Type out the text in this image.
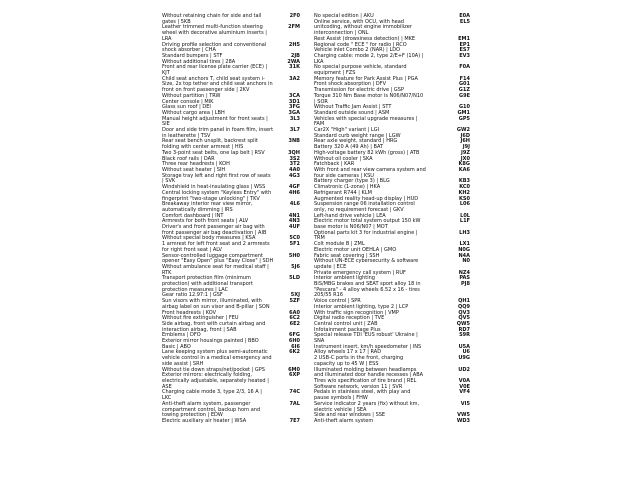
Without retaining chain for side and tail
gates | 5KB
2F0
Leather trimmed multi-function steering
wheel with decorative aluminium inserts |
LRA
2FM
Driving profile selection and conventional
shock absorber | CHA
2H5
Standard bumpers | STF	2JB
Without additional tires | 28A	2WA
Front and rear license plate carrier (ECE) |
KJT
31K
Child seat anchors T, child seat system i-
Size, 2x top tether and child seat anchors in
front on front passenger side | 2KV
3A2
Without partition | TRW	3CA
Center console | MIK	3D1
Glass sun roof | DEI	3FG
Without cargo area | LBH	3GA
Manual height adjustment for front seats |
SIE
3L3
Door and side trim panel in foam film, insert
in leatherette | TSV
3L7
Rear seat bench unsplit, backrest split
folding with center armrest | HIS
3NB
Two 3-point seat belts, one lap belt | RSV	3QH
Black roof rails | DAR	3S2
Three rear headrests | KOH	3T2
Without seat heater | SIH	4A0
Storage tray left and right first row of seats
| SVK
4G3
Windshield in heat-insulating glass | WSS	4GF
Central locking system "Keyless Entry" with
fingerprint "two-stage unlocking" | TKV
4H6
Breakaway interior rear view mirror,
automatically dimming | IRS
4L6
Comfort dashboard | INT	4N1
Armrests for both front seats | ALV	4N3
Driver's and front passenger air bag with
front passenger air bag deactivation | AIB
4UF
Without special body measures | KSA	5C0
1 armrest for left front seat and 2 armrests
for right front seat | ALV
5F1
Sensor-controlled luggage compartment
opener "Easy Open" plus "Easy Close" | SDH
5H0
Without ambulance seat for medical staff |
RTK
5J6
Transport protection film (minimum
protection) with additional transport
protection measures | LAC
5LD
Gear ratio 12.97:1 | GSF	5XJ
Sun visors with mirror, illuminated, with
airbag label on sun visor and B-pillar | SON
5ZF
Front headrests | KOV	6A0
Without fire extinguisher | FEU	6C2
Side airbag, front with curtain airbag and
interaction airbag, front | SAB
6E2
Emblems | DFO	6FG
Exterior mirror housings painted | BBO	6H0
Basic | ABO	6I6
Lane keeping system plus semi-automatic
vehicle control in a medical emergency and
side assist | SRH
6K2
Without tie down straps/net/pocket | GPS	6M0
Exterior mirrors: electrically folding,
electrically adjustable, separately heated |
ASE
6XP
Charging cable mode 3, type 2/3, 16 A |
LKC
74C
Anti-theft alarm system, passenger
compartment control, backup horn and
towing protection | EDW
7AL
Electric auxiliary air heater | WSA	7E7
No special edition | AKU	E0A
Online service, with OCU, with head
unitcoding, without engine immobilizer
interconnection | ONL
EL5
Rest Assist (drowsiness detection) | MKE	EM1
Regional code " ECE " for radio | RCO	EP1
Vehicle inlet Combo 2 (NAR) | LDO	ES7
Charging cable: mode 2, type 2/E+F (10A) |
LKA
EV3
No special purpose vehicle, standard
equipment | FZS
F0A
Memory feature for Park Assist Plus | PGA	F14
Front shock absorption | DFV	G01
Transmission for electric drive | GSP	G1Z
Torque 310 Nm Base motor is N06/N07/N10
| SOR
G9E
Without Traffic Jam Assist | STT	G10
Standard outside sound | ASM	GM1
Vehicles with special upgrade measures |
FAM
GP5
Car2X "High" variant | LGI	GW2
Standard curb weight range | LGW	J6D
Rear axle weight, standard | HRG	J6H
Battery 320 A (49 Ah) | BAT	J9J
High-voltage battery 82 kWh (gross) | ATB	J9Z
Without oil cooler | SKA	JX0
Fatchback | KAR	K8G
With front and rear view camera system and
four side cameras | KSU
KA6
Battery charger (type 3) | BLG	KB3
Climatronic (1-zone) | HKA	KC0
Refrigerant R744 | KLM	KH2
Augmented reality head-up display | HUD	KS0
Suspension range 06 installation control
only, no requirement forecast | GKV
L06
Left-hand drive vehicle | LEA	L0L
Electric motor total system output 150 kW
base motor is N06/N07 | MOT
L1F
Optional parts kit 3 for industrial engine |
TRM
LH3
Colt module B | ZML	LX1
Electric motor unit OEHLA | GMO	N0G
Fabric seat covering | SSH	N4A
Without UN-ECE cybersecurity & software
update | ECE
N0
Private emergency call system | RUF	NZ4
Interior ambient lighting	PAS
BiS/MBG brakes and SEAT sport alloy 18 in
"Pescara" - 4 alloy wheels 6.52 x 16 - tires
205/55 R16
PJ8
Voice control | SPR	QH1
Interior ambient lighting, type 2 | LCP	QQ9
With traffic sign recognition | VMP	QV3
Digital radio reception | TVE	QV5
Central control unit | ZAB	QW5
Infotainment package Plus	RD7
Special release TDI 'EUS robust' Ukraine |
SNA
S9R
Instrument insert, km/h speedometer | INS	U5A
Alloy wheels 17 x 17 | RAD	U6
2 USB-C ports in the front, charging
capacity up to 45 W | ESS
U9G
Illuminated molding between headlamps
and illuminated door handle recesses | ABA
UD2
Tires w/o specification of tire brand | REL	V0A
Software network, version 11 | SVR	V0E
Pedals in stainless steel, with play and
pause symbols | FHW
VF4
Service indicator 2 years (fix) without km,
electric vehicle | SEA
VI5
Side and rear windows | SSE	VW5
Anti-theft alarm system	WD3
